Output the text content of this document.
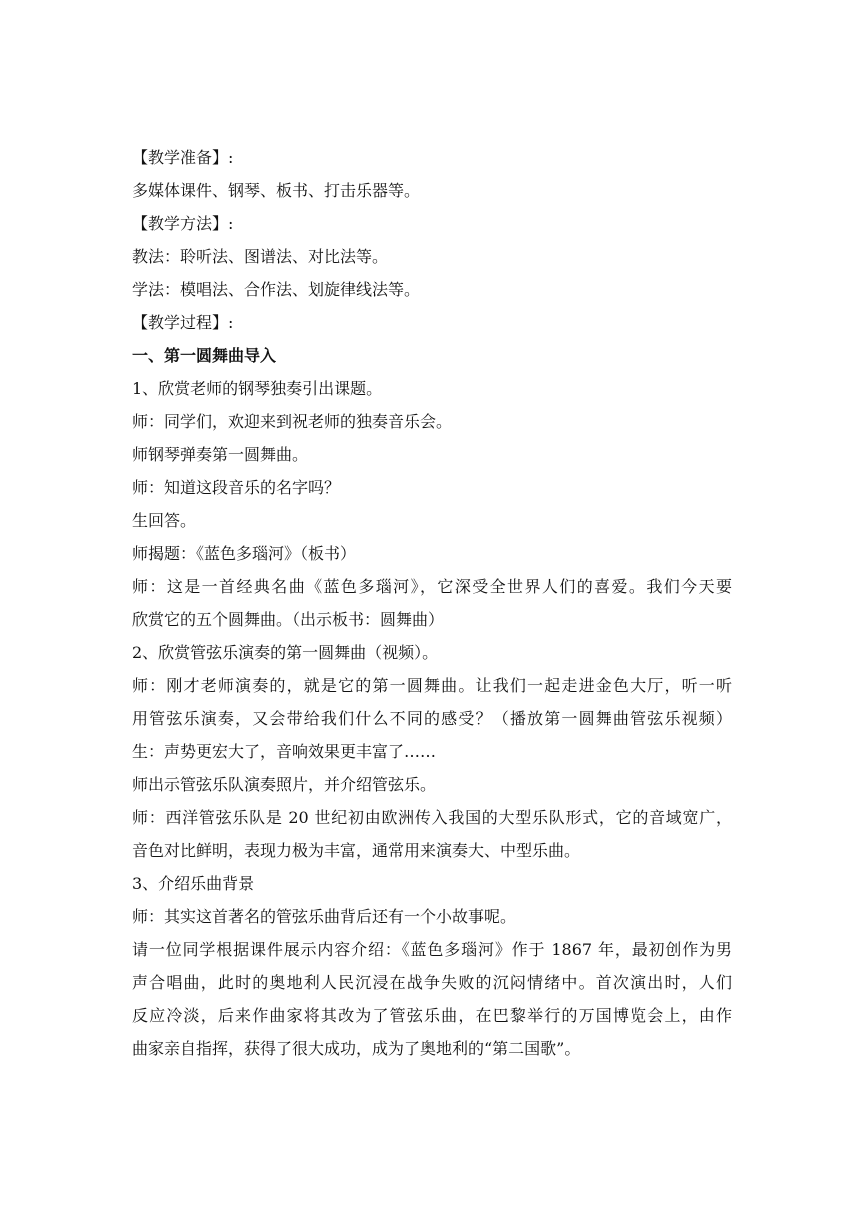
【教学准备】:

多媒体课件、钢琴、板书、打击乐器等。

【教学方法】:

教法：聆听法、图谱法、对比法等。

学法：模唱法、合作法、划旋律线法等。

【教学过程】:

一、第一圆舞曲导入

1、欣赏老师的钢琴独奏引出课题。

师：同学们，欢迎来到祝老师的独奏音乐会。

师钢琴弹奏第一圆舞曲。

师：知道这段音乐的名字吗？

生回答。

师揭题：《蓝色多瑙河》（板书）

师：这是一首经典名曲《蓝色多瑙河》，它深受全世界人们的喜爱。我们今天要

欣赏它的五个圆舞曲。（出示板书：圆舞曲）

2、欣赏管弦乐演奏的第一圆舞曲（视频）。

师：刚才老师演奏的，就是它的第一圆舞曲。让我们一起走进金色大厅，听一听

用管弦乐演奏，又会带给我们什么不同的感受？（播放第一圆舞曲管弦乐视频）

生：声势更宏大了，音响效果更丰富了……

师出示管弦乐队演奏照片，并介绍管弦乐。

师：西洋管弦乐队是 20 世纪初由欧洲传入我国的大型乐队形式，它的音域宽广，

音色对比鲜明，表现力极为丰富，通常用来演奏大、中型乐曲。

3、介绍乐曲背景

师：其实这首著名的管弦乐曲背后还有一个小故事呢。

请一位同学根据课件展示内容介绍：《蓝色多瑙河》作于 1867 年，最初创作为男

声合唱曲，此时的奥地利人民沉浸在战争失败的沉闷情绪中。首次演出时，人们

反应冷淡，后来作曲家将其改为了管弦乐曲，在巴黎举行的万国博览会上，由作

曲家亲自指挥，获得了很大成功，成为了奥地利的“第二国歌”。
